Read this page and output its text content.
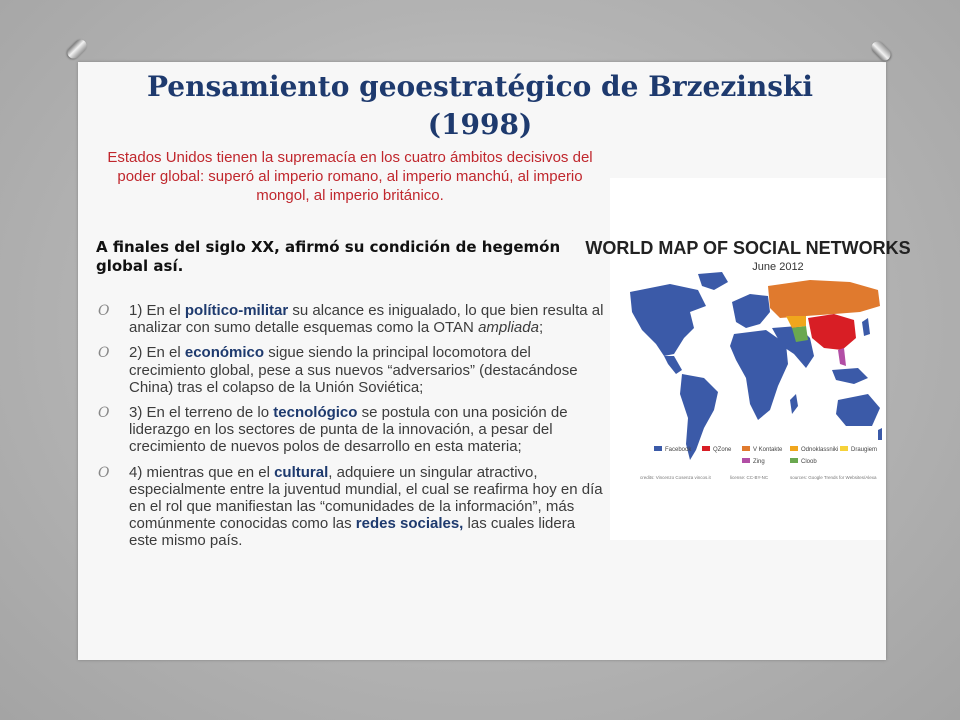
Pensamiento geoestratégico de Brzezinski (1998)
Estados Unidos tienen la supremacía en los cuatro ámbitos decisivos del poder global: superó al imperio romano, al imperio manchú, al imperio mongol, al imperio británico.
A finales del siglo XX, afirmó su condición de hegemón global así.
O 1) En el político-militar su alcance es inigualado, lo que bien resulta al analizar con sumo detalle esquemas como la OTAN ampliada;
O 2) En el económico sigue siendo la principal locomotora del crecimiento global, pese a sus nuevos “adversarios” (destacándose China) tras el colapso de la Unión Soviética;
O 3) En el terreno de lo tecnológico se postula con una posición de liderazgo en los sectores de punta de la innovación, a pesar del crecimiento de nuevos polos de desarrollo en esta materia;
O 4) mientras que en el cultural, adquiere un singular atractivo, especialmente entre la juventud mundial, el cual se reafirma hoy en día en el rol que manifiestan las “comunidades de la información”, más comúnmente conocidas como las redes sociales, las cuales lidera este mismo país.
WORLD MAP OF SOCIAL NETWORKS
June 2012
Facebook	QZone	V Kontakte	Odnoklassniki Draugiem
Zing	Cloob
credits: Vincenzo Cosenza vincos.it	license: CC-BY-NC	sources: Google Trends for Websites/Alexa
